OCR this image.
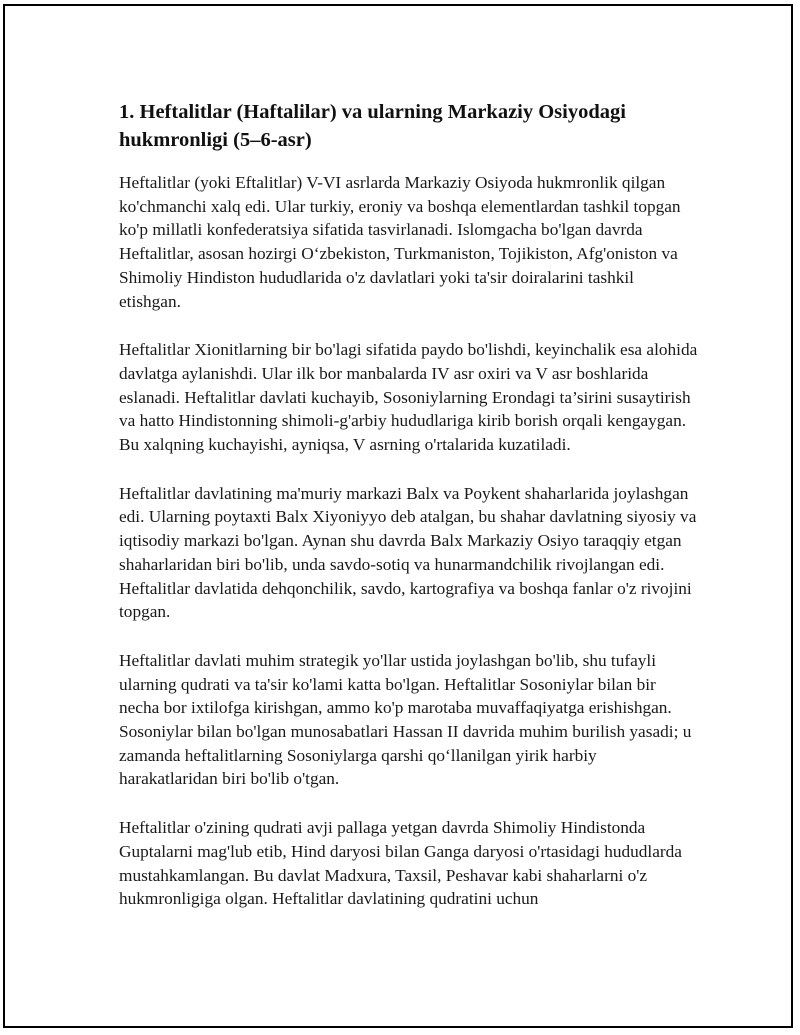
1. Heftalitlar (Haftalilar) va ularning Markaziy Osiyodagi hukmronligi (5–6-asr)

Heftalitlar (yoki Eftalitlar) V-VI asrlarda Markaziy Osiyoda hukmronlik qilgan ko'chmanchi xalq edi. Ular turkiy, eroniy va boshqa elementlardan tashkil topgan ko'p millatli konfederatsiya sifatida tasvirlanadi. Islomgacha bo'lgan davrda Heftalitlar, asosan hozirgi O‘zbekiston, Turkmaniston, Tojikiston, Afg'oniston va Shimoliy Hindiston hududlarida o'z davlatlari yoki ta'sir doiralarini tashkil etishgan.

Heftalitlar Xionitlarning bir bo'lagi sifatida paydo bo'lishdi, keyinchalik esa alohida davlatga aylanishdi. Ular ilk bor manbalarda IV asr oxiri va V asr boshlarida eslanadi. Heftalitlar davlati kuchayib, Sosoniylarning Erondagi ta’sirini susaytirish va hatto Hindistonning shimoli-g'arbiy hududlariga kirib borish orqali kengaygan. Bu xalqning kuchayishi, ayniqsa, V asrning o'rtalarida kuzatiladi.

Heftalitlar davlatining ma'muriy markazi Balx va Poykent shaharlarida joylashgan edi. Ularning poytaxti Balx Xiyoniyyo deb atalgan, bu shahar davlatning siyosiy va iqtisodiy markazi bo'lgan. Aynan shu davrda Balx Markaziy Osiyo taraqqiy etgan shaharlaridan biri bo'lib, unda savdo-sotiq va hunarmandchilik rivojlangan edi. Heftalitlar davlatida dehqonchilik, savdo, kartografiya va boshqa fanlar o'z rivojini topgan.

Heftalitlar davlati muhim strategik yo'llar ustida joylashgan bo'lib, shu tufayli ularning qudrati va ta'sir ko'lami katta bo'lgan. Heftalitlar Sosoniylar bilan bir necha bor ixtilofga kirishgan, ammo ko'p marotaba muvaffaqiyatga erishishgan. Sosoniylar bilan bo'lgan munosabatlari Hassan II davrida muhim burilish yasadi; u zamanda heftalitlarning Sosoniylarga qarshi qo‘llanilgan yirik harbiy harakatlaridan biri bo'lib o'tgan.

Heftalitlar o'zining qudrati avji pallaga yetgan davrda Shimoliy Hindistonda Guptalarni mag'lub etib, Hind daryosi bilan Ganga daryosi o'rtasidagi hududlarda mustahkamlangan. Bu davlat Madxura, Taxsil, Peshavar kabi shaharlarni o'z hukmronligiga olgan. Heftalitlar davlatining qudratini uchun
